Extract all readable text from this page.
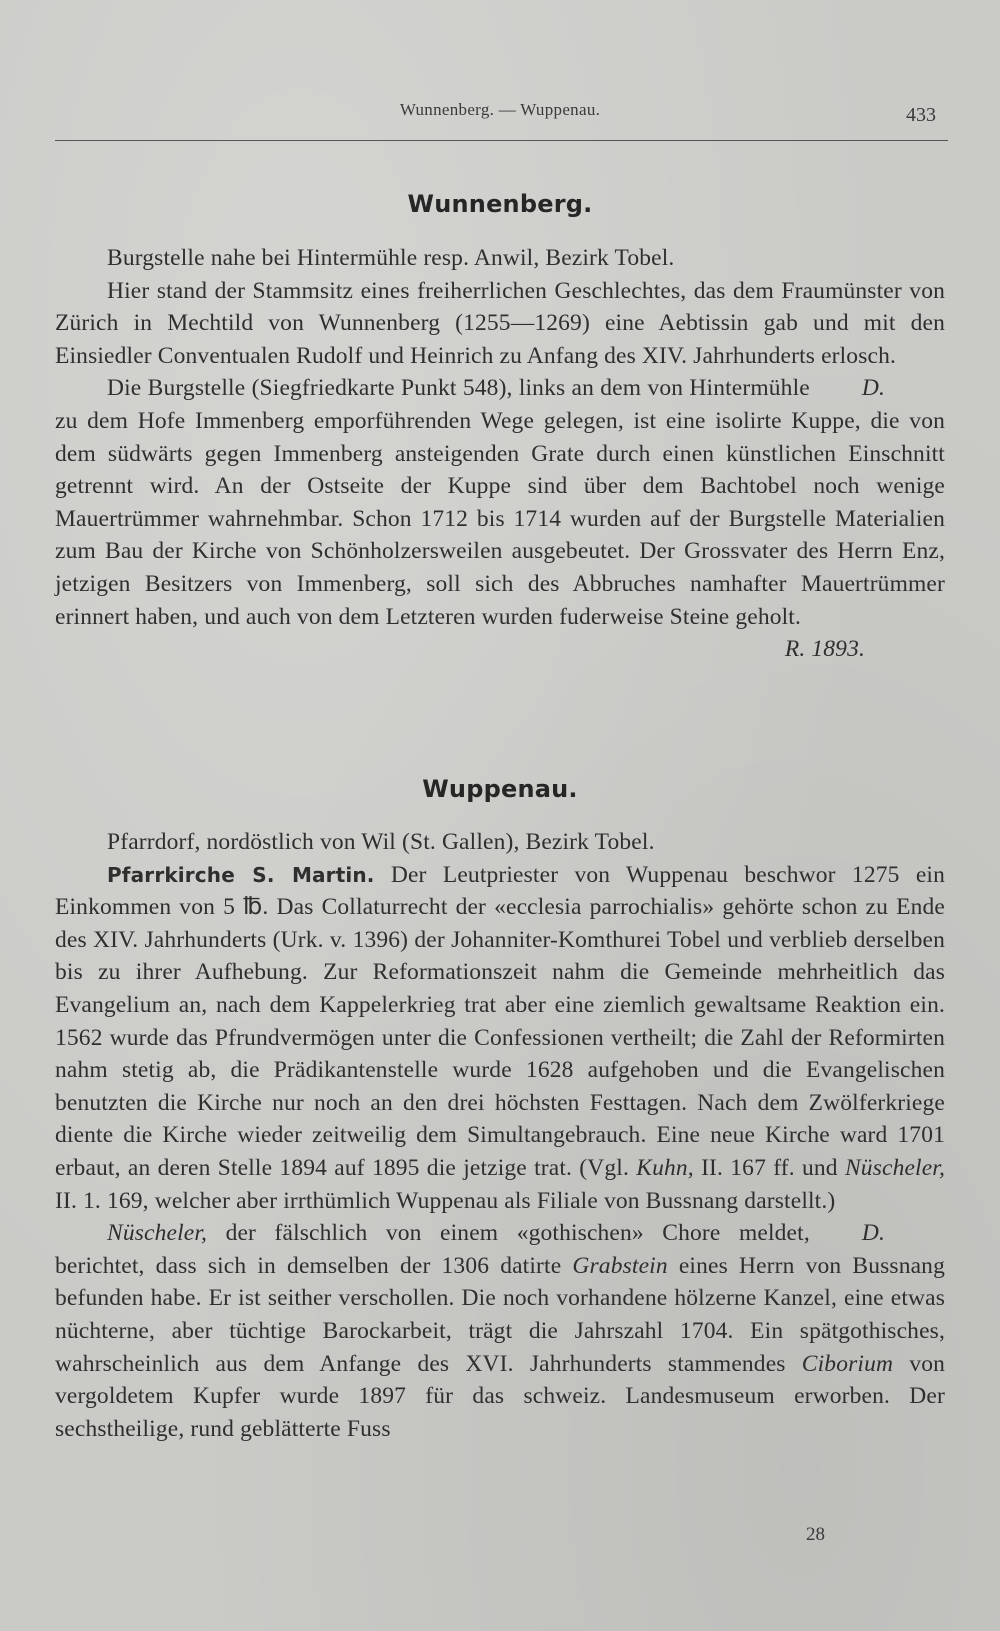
Wunnenberg. — Wuppenau.	433
Wunnenberg.

Burgstelle nahe bei Hintermühle resp. Anwil, Bezirk Tobel.

Hier stand der Stammsitz eines freiherrlichen Geschlechtes, das dem Fraumünster von Zürich in Mechtild von Wunnenberg (1255—1269) eine Aebtissin gab und mit den Einsiedler Conventualen Rudolf und Heinrich zu Anfang des XIV. Jahrhunderts erlosch.
D.

Die Burgstelle (Siegfriedkarte Punkt 548), links an dem von Hintermühle zu dem Hofe Immenberg emporführenden Wege gelegen, ist eine isolirte Kuppe, die von dem südwärts gegen Immenberg ansteigenden Grate durch einen künstlichen Einschnitt getrennt wird. An der Ostseite der Kuppe sind über dem Bachtobel noch wenige Mauertrümmer wahrnehmbar. Schon 1712 bis 1714 wurden auf der Burgstelle Materialien zum Bau der Kirche von Schönholzersweilen ausgebeutet. Der Grossvater des Herrn Enz, jetzigen Besitzers von Immenberg, soll sich des Abbruches namhafter Mauertrümmer erinnert haben, und auch von dem Letzteren wurden fuderweise Steine geholt.

R. 1893.
Wuppenau.

Pfarrdorf, nordöstlich von Wil (St. Gallen), Bezirk Tobel.

Pfarrkirche S. Martin. Der Leutpriester von Wuppenau beschwor 1275 ein Einkommen von 5 ℔. Das Collaturrecht der «ecclesia parrochialis» gehörte schon zu Ende des XIV. Jahrhunderts (Urk. v. 1396) der Johanniter-Komthurei Tobel und verblieb derselben bis zu ihrer Aufhebung. Zur Reformationszeit nahm die Gemeinde mehrheitlich das Evangelium an, nach dem Kappelerkrieg trat aber eine ziemlich gewaltsame Reaktion ein. 1562 wurde das Pfrundvermögen unter die Confessionen vertheilt; die Zahl der Reformirten nahm stetig ab, die Prädikantenstelle wurde 1628 aufgehoben und die Evangelischen benutzten die Kirche nur noch an den drei höchsten Festtagen. Nach dem Zwölferkriege diente die Kirche wieder zeitweilig dem Simultangebrauch. Eine neue Kirche ward 1701 erbaut, an deren Stelle 1894 auf 1895 die jetzige trat. (Vgl. Kuhn, II. 167 ff. und Nüscheler, II. 1. 169, welcher aber irrthümlich Wuppenau als Filiale von Bussnang darstellt.)
D.

Nüscheler, der fälschlich von einem «gothischen» Chore meldet, berichtet, dass sich in demselben der 1306 datirte Grabstein eines Herrn von Bussnang befunden habe. Er ist seither verschollen. Die noch vorhandene hölzerne Kanzel, eine etwas nüchterne, aber tüchtige Barockarbeit, trägt die Jahrszahl 1704. Ein spätgothisches, wahrscheinlich aus dem Anfange des XVI. Jahrhunderts stammendes Ciborium von vergoldetem Kupfer wurde 1897 für das schweiz. Landesmuseum erworben. Der sechstheilige, rund geblätterte Fuss

28
